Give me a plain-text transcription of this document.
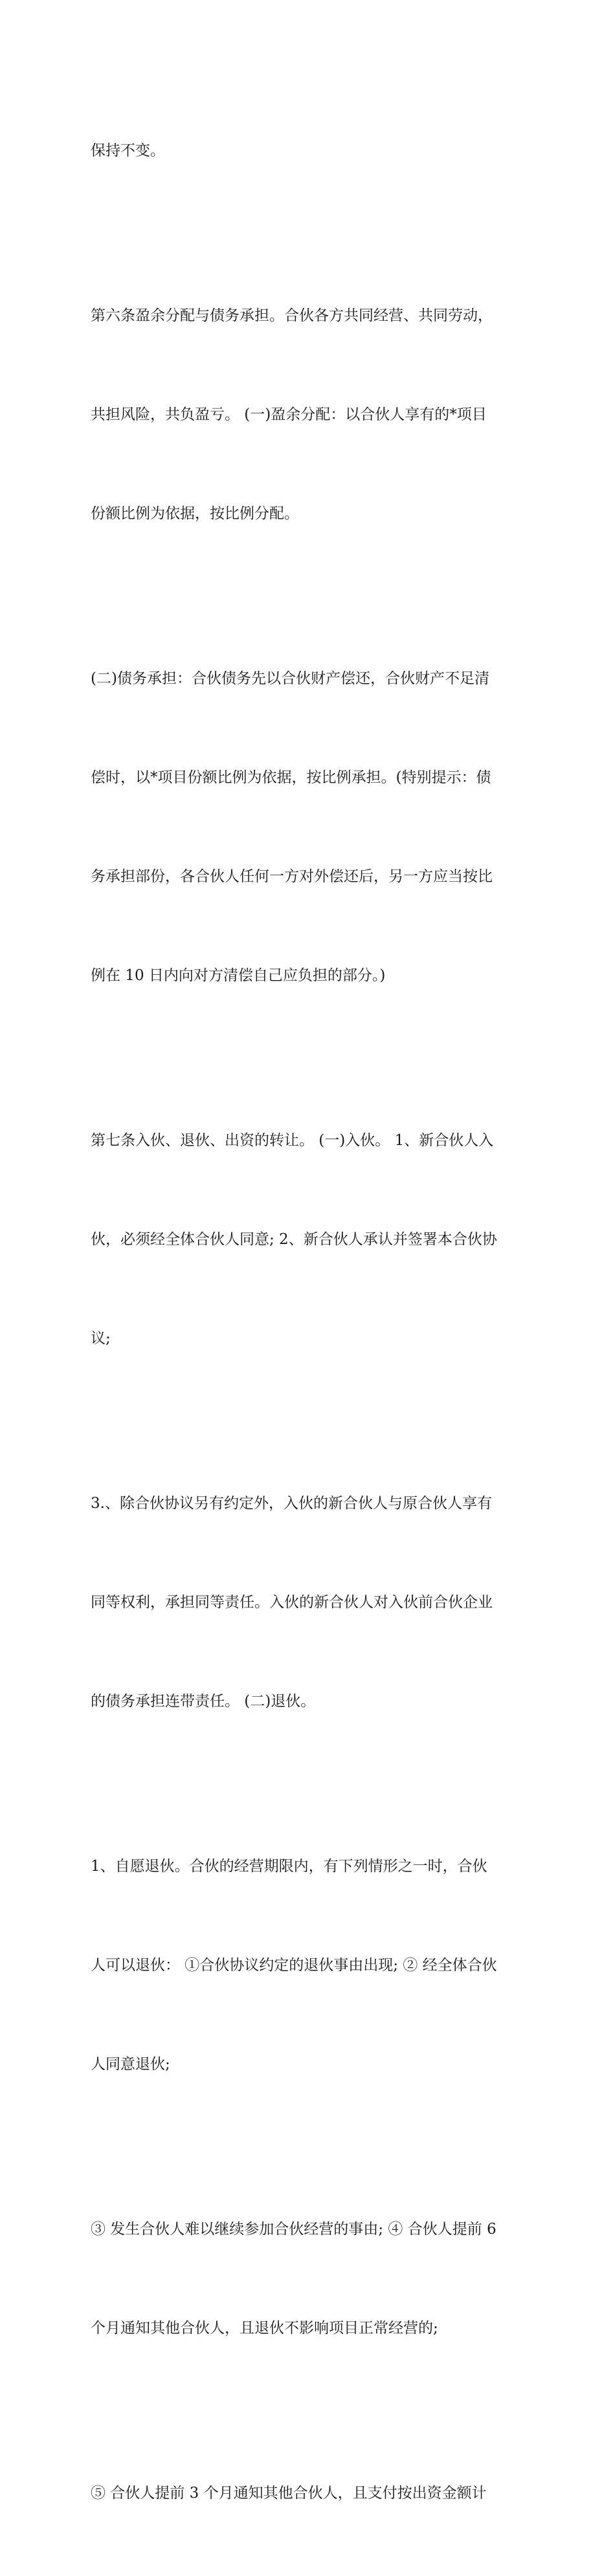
保持不变。

第六条盈余分配与债务承担。合伙各方共同经营、共同劳动，

共担风险，共负盈亏。 (一)盈余分配：以合伙人享有的*项目

份额比例为依据，按比例分配。

(二)债务承担：合伙债务先以合伙财产偿还，合伙财产不足清

偿时，以*项目份额比例为依据，按比例承担。(特别提示：债

务承担部份，各合伙人任何一方对外偿还后，另一方应当按比

例在 10 日内向对方清偿自己应负担的部分。)

第七条入伙、退伙、出资的转让。 (一)入伙。 1、新合伙人入

伙，必须经全体合伙人同意; 2、新合伙人承认并签署本合伙协

议;

3.、除合伙协议另有约定外，入伙的新合伙人与原合伙人享有

同等权利，承担同等责任。入伙的新合伙人对入伙前合伙企业

的债务承担连带责任。 (二)退伙。

1、自愿退伙。合伙的经营期限内，有下列情形之一时，合伙

人可以退伙： ①合伙协议约定的退伙事由出现; ② 经全体合伙

人同意退伙;

③ 发生合伙人难以继续参加合伙经营的事由; ④ 合伙人提前 6

个月通知其他合伙人，且退伙不影响项目正常经营的;

⑤ 合伙人提前 3 个月通知其他合伙人，且支付按出资金额计
